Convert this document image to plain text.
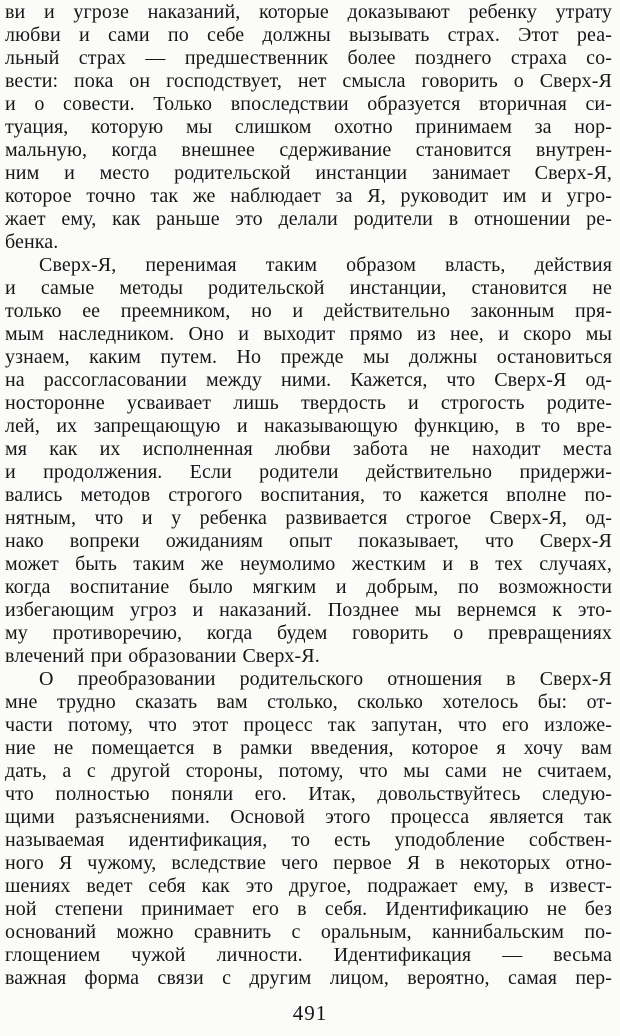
ви и угрозе наказаний, которые доказывают ребенку утрату
любви и сами по себе должны вызывать страх. Этот реа-
льный страх — предшественник более позднего страха со-
вести: пока он господствует, нет смысла говорить о Сверх-Я
и о совести. Только впоследствии образуется вторичная си-
туация, которую мы слишком охотно принимаем за нор-
мальную, когда внешнее сдерживание становится внутрен-
ним и место родительской инстанции занимает Сверх-Я,
которое точно так же наблюдает за Я, руководит им и угро-
жает ему, как раньше это делали родители в отношении ре-
бенка.
Сверх-Я, перенимая таким образом власть, действия
и самые методы родительской инстанции, становится не
только ее преемником, но и действительно законным пря-
мым наследником. Оно и выходит прямо из нее, и скоро мы
узнаем, каким путем. Но прежде мы должны остановиться
на рассогласовании между ними. Кажется, что Сверх-Я од-
носторонне усваивает лишь твердость и строгость родите-
лей, их запрещающую и наказывающую функцию, в то вре-
мя как их исполненная любви забота не находит места
и продолжения. Если родители действительно придержи-
вались методов строгого воспитания, то кажется вполне по-
нятным, что и у ребенка развивается строгое Сверх-Я, од-
нако вопреки ожиданиям опыт показывает, что Сверх-Я
может быть таким же неумолимо жестким и в тех случаях,
когда воспитание было мягким и добрым, по возможности
избегающим угроз и наказаний. Позднее мы вернемся к это-
му противоречию, когда будем говорить о превращениях
влечений при образовании Сверх-Я.
О преобразовании родительского отношения в Сверх-Я
мне трудно сказать вам столько, сколько хотелось бы: от-
части потому, что этот процесс так запутан, что его изложе-
ние не помещается в рамки введения, которое я хочу вам
дать, а с другой стороны, потому, что мы сами не считаем,
что полностью поняли его. Итак, довольствуйтесь следую-
щими разъяснениями. Основой этого процесса является так
называемая идентификация, то есть уподобление собствен-
ного Я чужому, вследствие чего первое Я в некоторых отно-
шениях ведет себя как это другое, подражает ему, в извест-
ной степени принимает его в себя. Идентификацию не без
оснований можно сравнить с оральным, каннибальским по-
глощением чужой личности. Идентификация — весьма
важная форма связи с другим лицом, вероятно, самая пер-
491
